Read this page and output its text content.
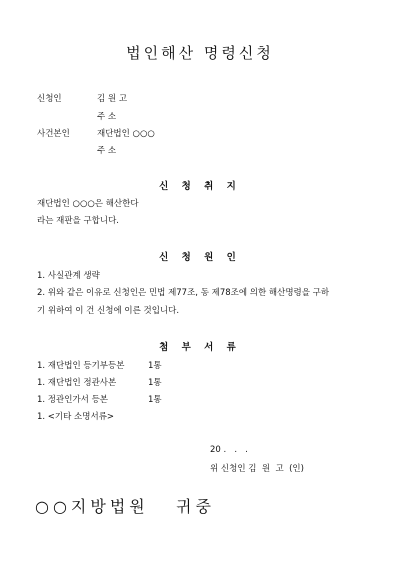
법인해산 명령신청
신청인	김 원 고
주 소
사건본인	재단법인 ○○○
주 소
신 청 취 지
재단법인 ○○○은 해산한다
라는 재판을 구합니다.
신 청 원 인
1. 사실관계 생략
2. 위와 같은 이유로 신청인은 민법 제77조, 동 제78조에 의한 해산명령을 구하
기 위하여 이 건 신청에 이른 것입니다.
첨 부 서 류
1. 재단법인 등기부등본	1통
1. 재단법인 정관사본	1통
1. 정관인가서 등본	1통
1. <기타 소명서류>
20 .   .   .
위 신청인 김  원  고  (인)
○○지방법원   귀중
